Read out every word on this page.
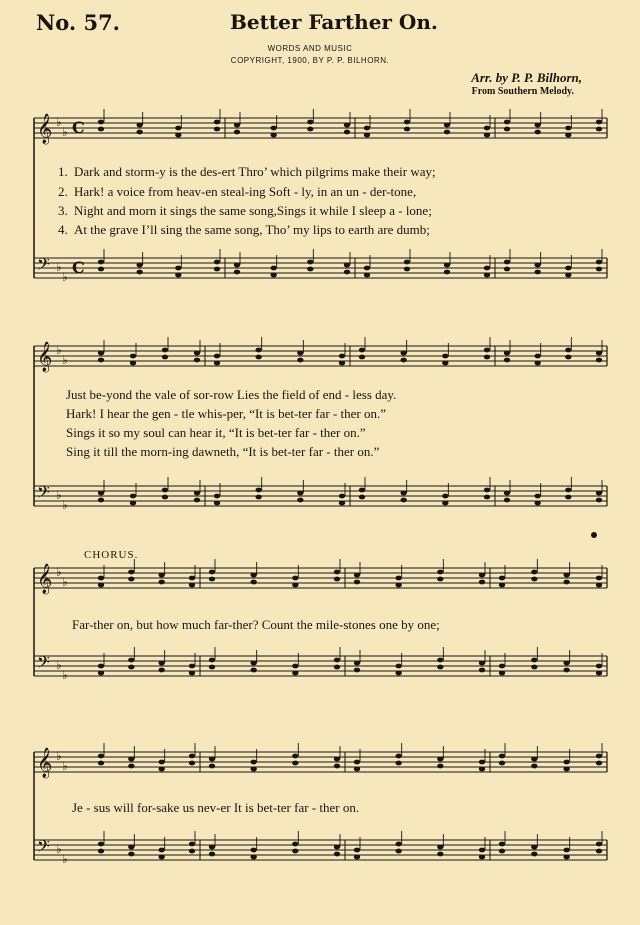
No. 57.	Better Farther On.
WORDS AND MUSIC
COPYRIGHT, 1900, BY P. P. BILHORN.
Arr. by P. P. Bilhorn,
From Southern Melody.
𝄞 ♭
♭
𝄢 ♭
♭
𝄞 ♭
♭
𝄢 ♭
♭
𝄞 ♭
♭
𝄢 ♭
♭
𝄞 ♭
♭
𝄢 ♭
♭
C
C
1. Dark and storm-y is the des-ert Thro’ which pilgrims make their way;
2. Hark! a voice from heav-en steal-ing Soft - ly, in an un - der-tone,
3. Night and morn it sings the same song,Sings it while I sleep a - lone;
4. At the grave I’ll sing the same song, Tho’ my lips to earth are dumb;
Just be-yond the vale of sor-row Lies the field of end - less day.
Hark! I hear the gen - tle whis-per, “It is bet-ter far - ther on.”
Sings it so my soul can hear it, “It is bet-ter far - ther on.”
Sing it till the morn-ing dawneth, “It is bet-ter far - ther on.”
CHORUS.
Far-ther on, but how much far-ther? Count the mile-stones one by one;
Je - sus will for-sake us nev-er It is bet-ter far - ther on.
